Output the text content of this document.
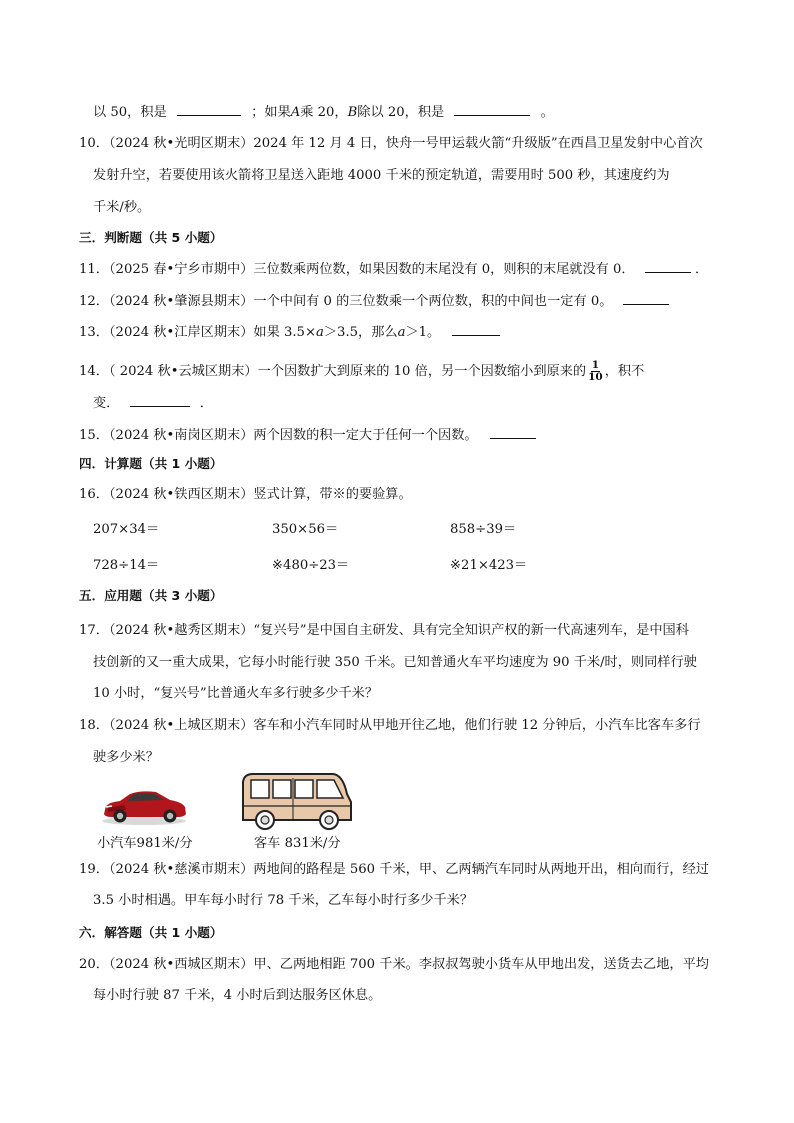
以 50，积是	；如果A乘 20，B除以 20，积是	。
10．（2024 秋•光明区期末）2024 年 12 月 4 日，快舟一号甲运载火箭“升级版”在西昌卫星发射中心首次
发射升空，若要使用该火箭将卫星送入距地 4000 千米的预定轨道，需要用时 500 秒，其速度约为
千米/秒。
三．判断题（共 5 小题）
11．（2025 春•宁乡市期中）三位数乘两位数，如果因数的末尾没有 0，则积的末尾就没有 0．	．
12．（2024 秋•肇源县期末）一个中间有 0 的三位数乘一个两位数，积的中间也一定有 0。
13．（2024 秋•江岸区期末）如果 3.5×a＞3.5，那么a＞1。
14．（ 2024 秋•云城区期末）一个因数扩大到原来的 10 倍，另一个因数缩小到原来的 $\frac{1}{10}$ ，积不
变．	．
15．（2024 秋•南岗区期末）两个因数的积一定大于任何一个因数。
四．计算题（共 1 小题）
16．（2024 秋•铁西区期末）竖式计算，带※的要验算。
207×34＝	350×56＝	858÷39＝
728÷14＝	※480÷23＝	※21×423＝
五．应用题（共 3 小题）
17．（2024 秋•越秀区期末）“复兴号”是中国自主研发、具有完全知识产权的新一代高速列车，是中国科
技创新的又一重大成果，它每小时能行驶 350 千米。已知普通火车平均速度为 90 千米/时，则同样行驶
10 小时，“复兴号”比普通火车多行驶多少千米？
18．（2024 秋•上城区期末）客车和小汽车同时从甲地开往乙地，他们行驶 12 分钟后，小汽车比客车多行
驶多少米？
小汽车981米/分	客车 831米/分
19．（2024 秋•慈溪市期末）两地间的路程是 560 千米，甲、乙两辆汽车同时从两地开出，相向而行，经过
3.5 小时相遇。甲车每小时行 78 千米，乙车每小时行多少千米？
六．解答题（共 1 小题）
20．（2024 秋•西城区期末）甲、乙两地相距 700 千米。李叔叔驾驶小货车从甲地出发，送货去乙地，平均
每小时行驶 87 千米，4 小时后到达服务区休息。
